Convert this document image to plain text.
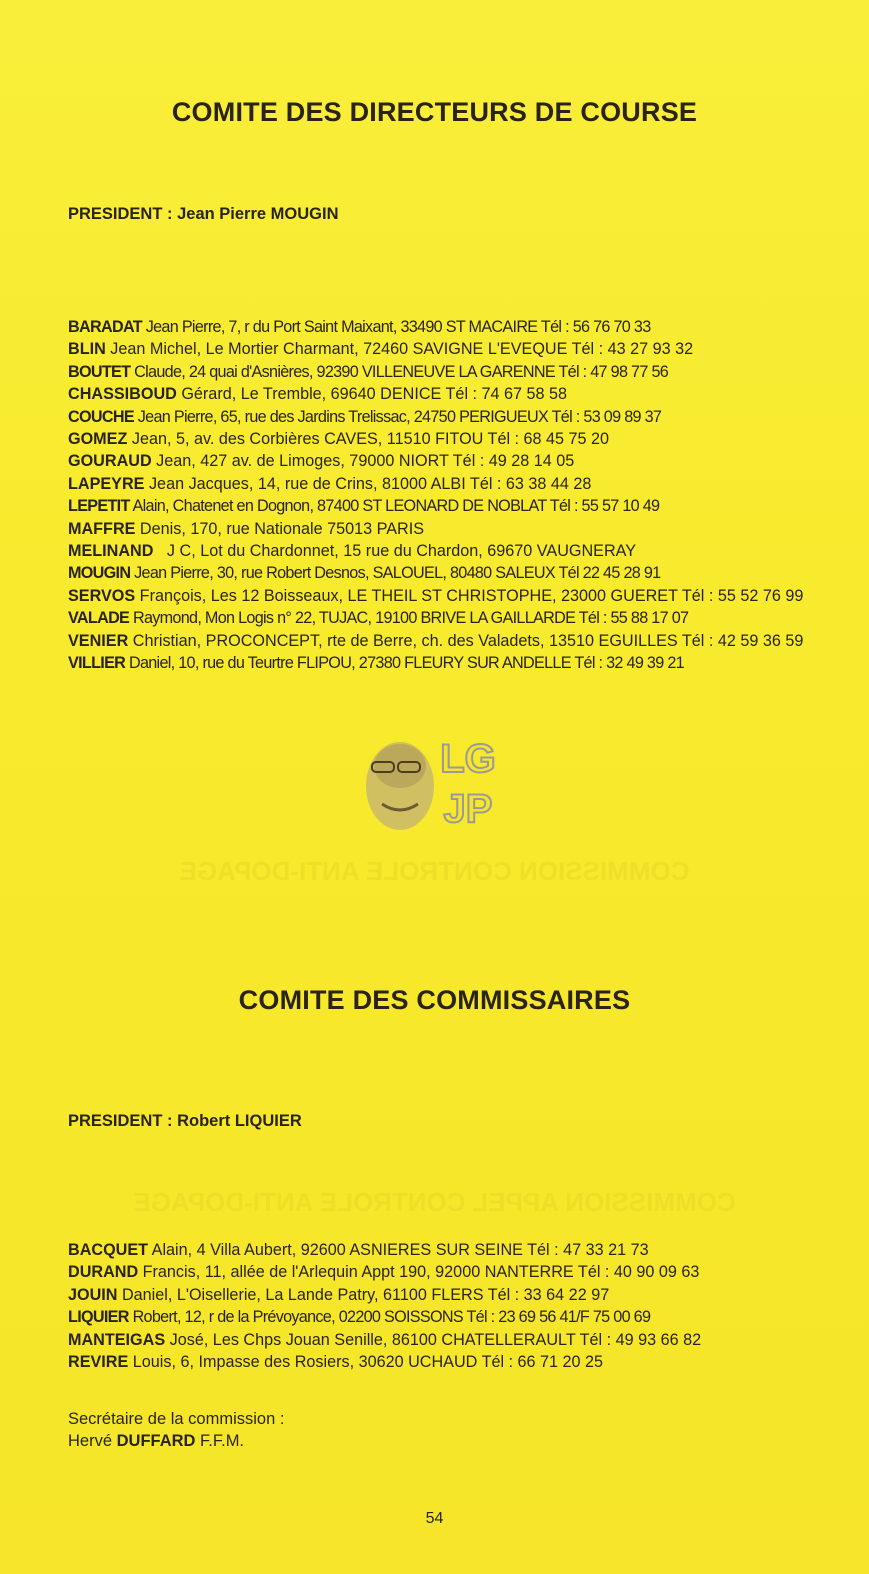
COMMISSION CONTROLE ANTI-DOPAGE
COMMISSION APPEL CONTROLE ANTI-DOPAGE
COMITE DES DIRECTEURS DE COURSE
PRESIDENT : Jean Pierre MOUGIN
BARADAT Jean Pierre, 7, r du Port Saint Maixant, 33490 ST MACAIRE Tél : 56 76 70 33
BLIN Jean Michel, Le Mortier Charmant, 72460 SAVIGNE L'EVEQUE Tél : 43 27 93 32
BOUTET Claude, 24 quai d'Asnières, 92390 VILLENEUVE LA GARENNE Tél : 47 98 77 56
CHASSIBOUD Gérard, Le Tremble, 69640 DENICE Tél : 74 67 58 58
COUCHE Jean Pierre, 65, rue des Jardins Trelissac, 24750 PERIGUEUX Tél : 53 09 89 37
GOMEZ Jean, 5, av. des Corbières CAVES, 11510 FITOU Tél : 68 45 75 20
GOURAUD Jean, 427 av. de Limoges, 79000 NIORT Tél : 49 28 14 05
LAPEYRE Jean Jacques, 14, rue de Crins, 81000 ALBI Tél : 63 38 44 28
LEPETIT Alain, Chatenet en Dognon, 87400 ST LEONARD DE NOBLAT Tél : 55 57 10 49
MAFFRE Denis, 170, rue Nationale 75013 PARIS
MELINAND   J C, Lot du Chardonnet, 15 rue du Chardon, 69670 VAUGNERAY
MOUGIN Jean Pierre, 30, rue Robert Desnos, SALOUEL, 80480 SALEUX Tél 22 45 28 91
SERVOS François, Les 12 Boisseaux, LE THEIL ST CHRISTOPHE, 23000 GUERET Tél : 55 52 76 99
VALADE Raymond, Mon Logis n° 22, TUJAC, 19100 BRIVE LA GAILLARDE Tél : 55 88 17 07
VENIER Christian, PROCONCEPT, rte de Berre, ch. des Valadets, 13510 EGUILLES Tél : 42 59 36 59
VILLIER Daniel, 10, rue du Teurtre FLIPOU, 27380 FLEURY SUR ANDELLE Tél : 32 49 39 21
LG
JP
COMITE DES COMMISSAIRES
PRESIDENT : Robert LIQUIER
BACQUET Alain, 4 Villa Aubert, 92600 ASNIERES SUR SEINE Tél : 47 33 21 73
DURAND Francis, 11, allée de l'Arlequin Appt 190, 92000 NANTERRE Tél : 40 90 09 63
JOUIN Daniel, L'Oisellerie, La Lande Patry, 61100 FLERS Tél : 33 64 22 97
LIQUIER Robert, 12, r de la Prévoyance, 02200 SOISSONS Tél : 23 69 56 41/F 75 00 69
MANTEIGAS José, Les Chps Jouan Senille, 86100 CHATELLERAULT Tél : 49 93 66 82
REVIRE Louis, 6, Impasse des Rosiers, 30620 UCHAUD Tél : 66 71 20 25
Secrétaire de la commission :
Hervé DUFFARD F.F.M.
54
